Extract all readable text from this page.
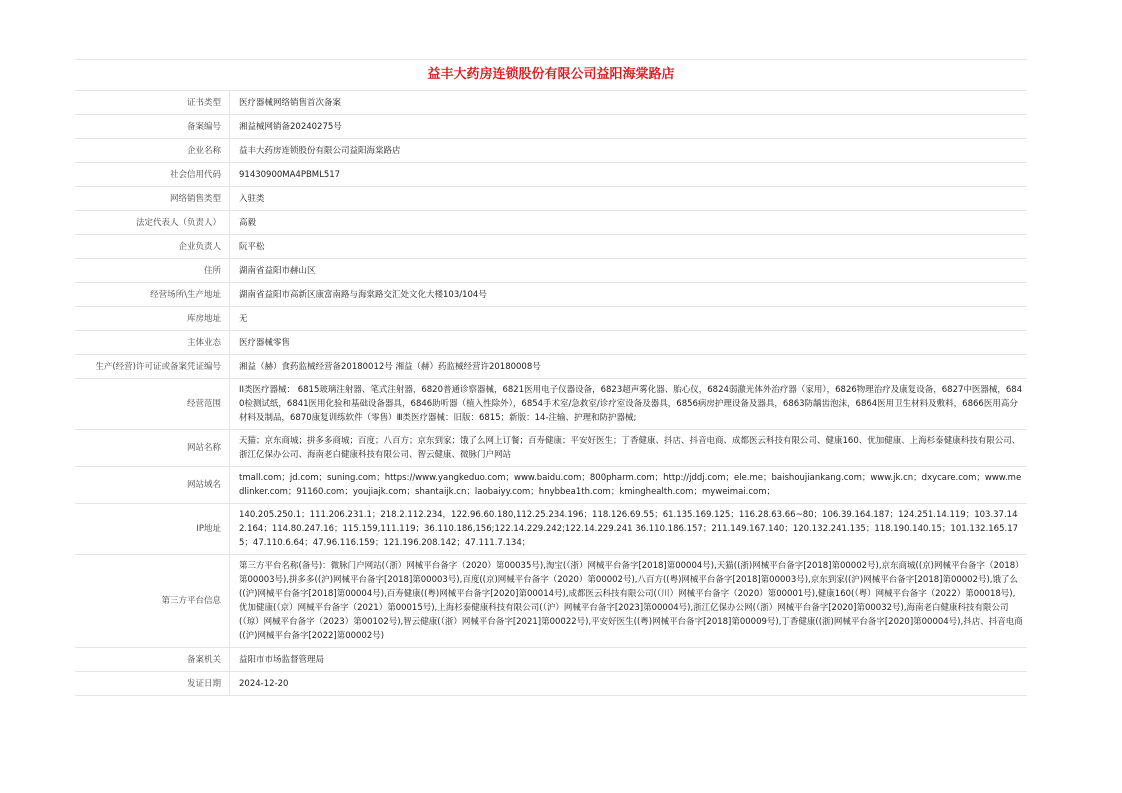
益丰大药房连锁股份有限公司益阳海棠路店
证书类型	医疗器械网络销售首次备案
备案编号	湘益械网销备20240275号
企业名称	益丰大药房连锁股份有限公司益阳海棠路店
社会信用代码	91430900MA4PBML517
网络销售类型	入驻类
法定代表人（负责人）	高毅
企业负责人	阮平松
住所	湖南省益阳市赫山区
经营场所\生产地址	湖南省益阳市高新区康富南路与海棠路交汇处文化大楼103/104号
库房地址	无
主体业态	医疗器械零售
生产(经营)许可证或备案凭证编号	湘益（赫）食药监械经营备20180012号 湘益（赫）药监械经营许20180008号
经营范围	II类医疗器械： 6815玻璃注射器、笔式注射器，6820普通诊察器械，6821医用电子仪器设备，6823超声雾化器、胎心仪，6824弱激光体外治疗器（家用），6826物理治疗及康复设备，6827中医器械，6840检测试纸，6841医用化验和基础设备器具，6846助听器（植入性除外），6854手术室/急救室/诊疗室设备及器具，6856病房护理设备及器具，6863防龋齿泡沫，6864医用卫生材料及敷料，6866医用高分材料及制品，6870康复训练软件（零售）Ⅲ类医疗器械：旧版：6815；新版：14-注输、护理和防护器械;
网站名称	天猫；京东商城；拼多多商城；百度；八百方；京东到家；饿了么网上订餐；百寿健康；平安好医生；丁香健康、抖店、抖音电商、成都医云科技有限公司、健康160、优加健康、上海杉泰健康科技有限公司、浙江亿保办公司、海南老白健康科技有限公司、智云健康、微脉门户网站
网站域名	tmall.com；jd.com；suning.com；https://www.yangkeduo.com；www.baidu.com；800pharm.com；http://jddj.com；ele.me；baishoujiankang.com；www.jk.cn；dxycare.com；www.medlinker.com；91160.com；youjiajk.com；shantaijk.cn；laobaiyy.com；hnybbea1th.com；kminghealth.com；myweimai.com；
IP地址	140.205.250.1；111.206.231.1；218.2.112.234，122.96.60.180,112.25.234.196；118.126.69.55；61.135.169.125；116.28.63.66~80；106.39.164.187；124.251.14.119；103.37.142.164；114.80.247.16；115.159,111.119；36.110.186,156;122.14.229.242;122.14.229.241 36.110.186.157；211.149.167.140；120.132.241.135；118.190.140.15；101.132.165.175；47.110.6.64；47.96.116.159；121.196.208.142；47.111.7.134；
第三方平台信息	第三方平台名称(备号)：微脉门户网站(（浙）网械平台备字（2020）第00035号),淘宝(（浙）网械平台备字[2018]第00004号),天猫((浙)网械平台备字[2018]第00002号),京东商城((京)网械平台备字（2018）第00003号),拼多多((沪)网械平台备字[2018]第00003号),百度((京)网械平台备字（2020）第00002号),八百方((粤)网械平台备字[2018]第00003号),京东到家((沪)网械平台备字[2018]第00002号),饿了么((沪)网械平台备字[2018]第00004号),百寿健康((粤)网械平台备字[2020]第00014号),成都医云科技有限公司(（川）网械平台备字（2020）第00001号),健康160(（粤）网械平台备字（2022）第00018号),优加健康(（京）网械平台备字（2021）第00015号),上海杉泰健康科技有限公司(（沪）网械平台备字[2023]第00004号),浙江亿保办公网(（浙）网械平台备字[2020]第00032号),海南老白健康科技有限公司(（琼）网械平台备字（2023）第00102号),智云健康(（浙）网械平台备字[2021]第00022号),平安好医生((粤)网械平台备字[2018]第00009号),丁香健康((浙)网械平台备字[2020]第00004号),抖店、抖音电商((沪)网械平台备字[2022]第00002号)
备案机关	益阳市市场监督管理局
发证日期	2024-12-20
